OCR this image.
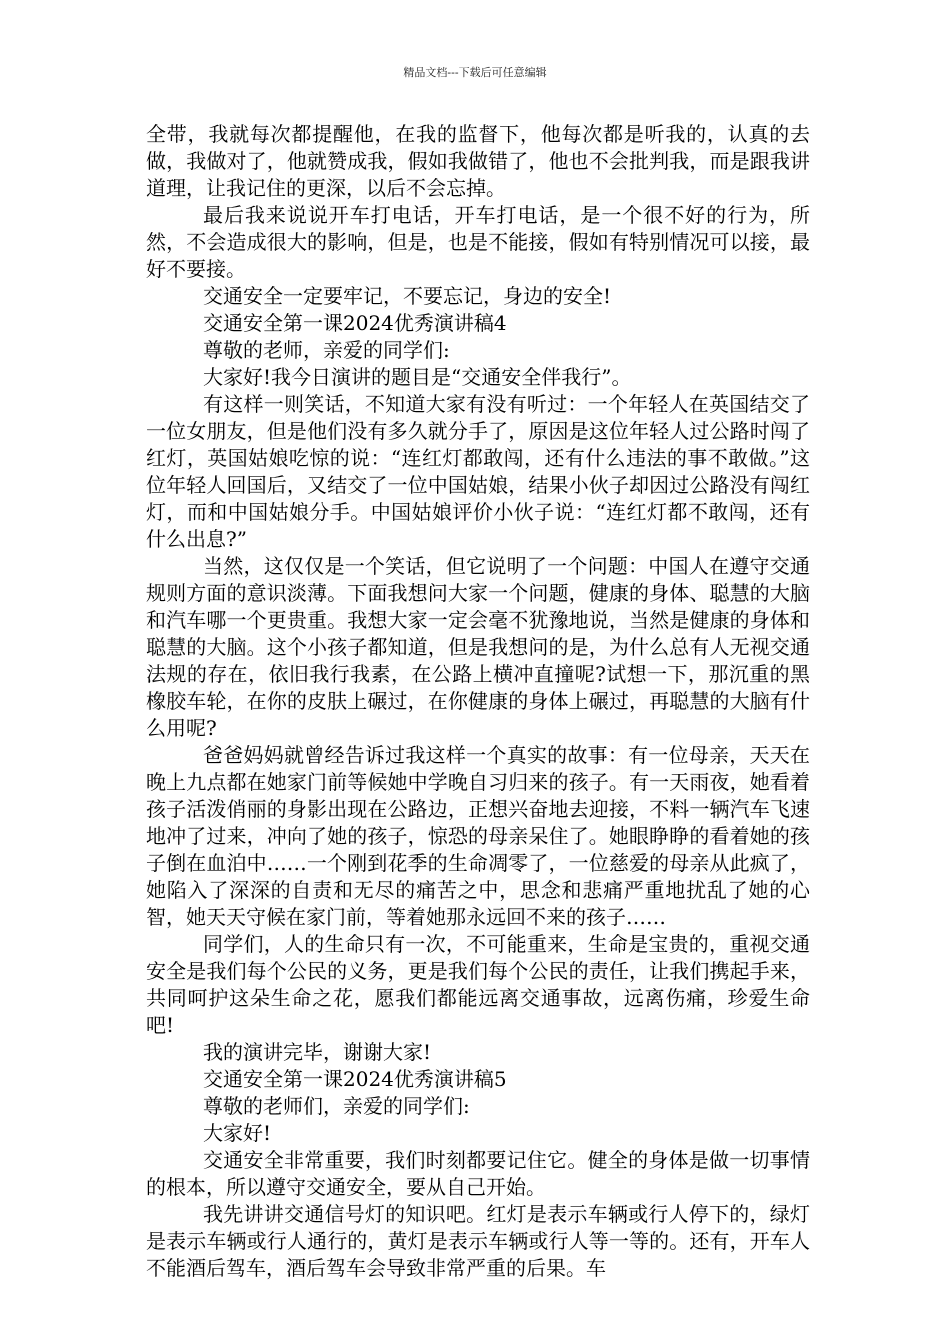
精品文档---下载后可任意编辑

全带，我就每次都提醒他，在我的监督下，他每次都是听我的，认真的去做，我做对了，他就赞成我，假如我做错了，他也不会批判我，而是跟我讲道理，让我记住的更深，以后不会忘掉。

最后我来说说开车打电话，开车打电话，是一个很不好的行为，所然，不会造成很大的影响，但是，也是不能接，假如有特别情况可以接，最好不要接。

交通安全一定要牢记，不要忘记，身边的安全!

交通安全第一课2024优秀演讲稿4

尊敬的老师，亲爱的同学们:

大家好!我今日演讲的题目是“交通安全伴我行”。

有这样一则笑话，不知道大家有没有听过：一个年轻人在英国结交了一位女朋友，但是他们没有多久就分手了，原因是这位年轻人过公路时闯了红灯，英国姑娘吃惊的说：“连红灯都敢闯，还有什么违法的事不敢做。”这位年轻人回国后，又结交了一位中国姑娘，结果小伙子却因过公路没有闯红灯，而和中国姑娘分手。中国姑娘评价小伙子说：“连红灯都不敢闯，还有什么出息?”

当然，这仅仅是一个笑话，但它说明了一个问题：中国人在遵守交通规则方面的意识淡薄。下面我想问大家一个问题，健康的身体、聪慧的大脑和汽车哪一个更贵重。我想大家一定会毫不犹豫地说，当然是健康的身体和聪慧的大脑。这个小孩子都知道，但是我想问的是，为什么总有人无视交通法规的存在，依旧我行我素，在公路上横冲直撞呢?试想一下，那沉重的黑橡胶车轮，在你的皮肤上碾过，在你健康的身体上碾过，再聪慧的大脑有什么用呢?

爸爸妈妈就曾经告诉过我这样一个真实的故事：有一位母亲，天天在晚上九点都在她家门前等候她中学晚自习归来的孩子。有一天雨夜，她看着孩子活泼俏丽的身影出现在公路边，正想兴奋地去迎接，不料一辆汽车飞速地冲了过来，冲向了她的孩子，惊恐的母亲呆住了。她眼睁睁的看着她的孩子倒在血泊中……一个刚到花季的生命凋零了，一位慈爱的母亲从此疯了，她陷入了深深的自责和无尽的痛苦之中，思念和悲痛严重地扰乱了她的心智，她天天守候在家门前，等着她那永远回不来的孩子……

同学们，人的生命只有一次，不可能重来，生命是宝贵的，重视交通安全是我们每个公民的义务，更是我们每个公民的责任，让我们携起手来，共同呵护这朵生命之花，愿我们都能远离交通事故，远离伤痛，珍爱生命吧!

我的演讲完毕，谢谢大家!

交通安全第一课2024优秀演讲稿5

尊敬的老师们，亲爱的同学们:

大家好!

交通安全非常重要，我们时刻都要记住它。健全的身体是做一切事情的根本，所以遵守交通安全，要从自己开始。

我先讲讲交通信号灯的知识吧。红灯是表示车辆或行人停下的，绿灯是表示车辆或行人通行的，黄灯是表示车辆或行人等一等的。还有，开车人不能酒后驾车，酒后驾车会导致非常严重的后果。车
